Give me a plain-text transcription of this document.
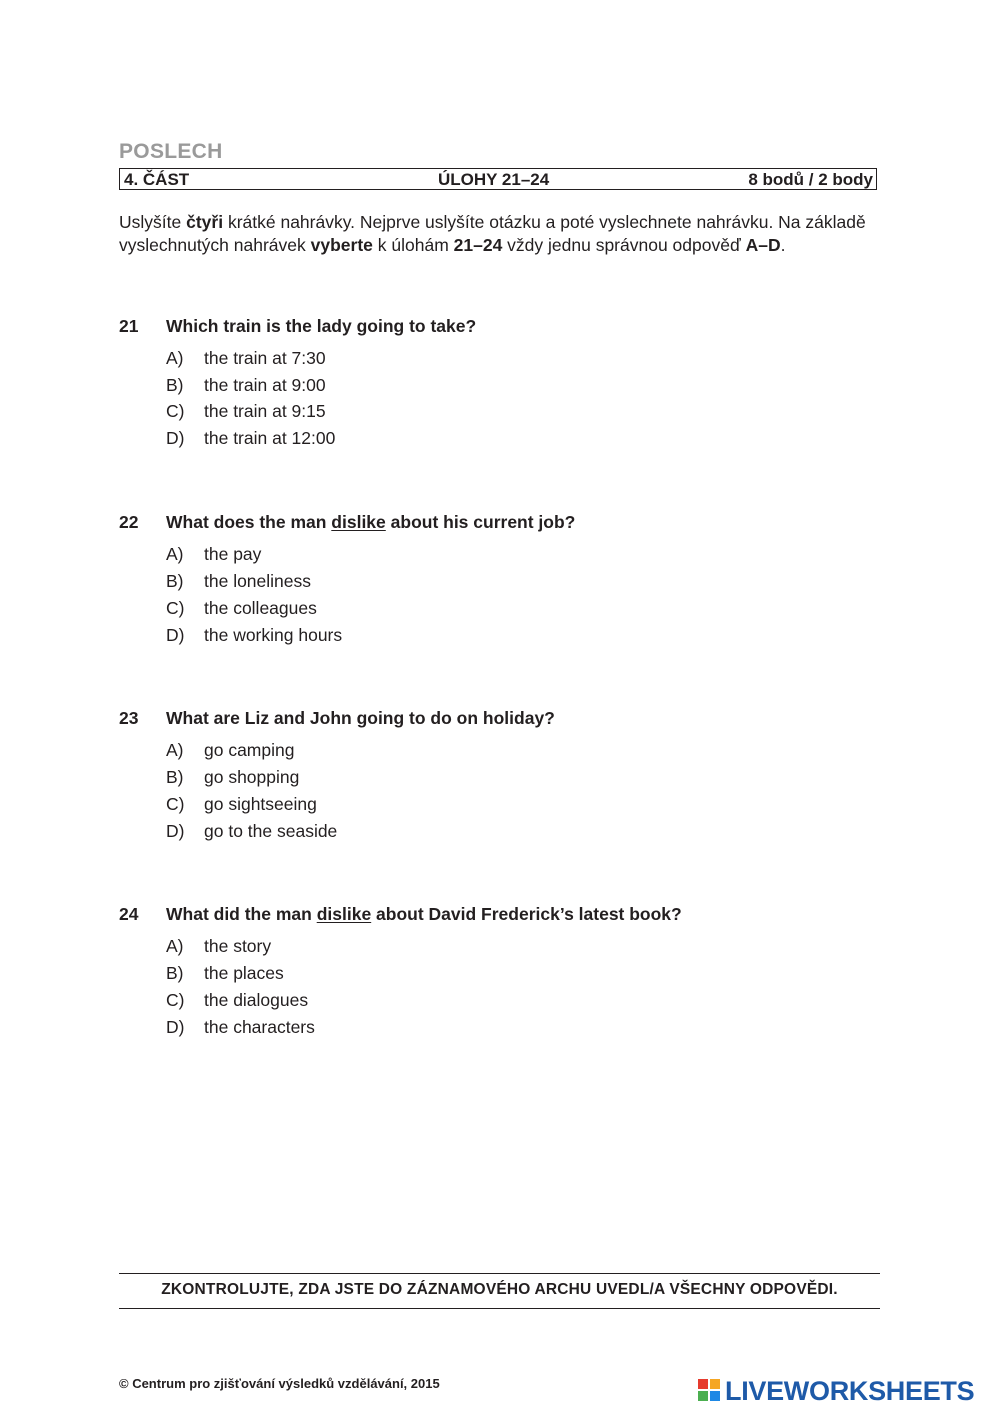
POSLECH
4. ČÁST	ÚLOHY 21–24	8 bodů / 2 body
Uslyšíte čtyři krátké nahrávky. Nejprve uslyšíte otázku a poté vyslechnete nahrávku. Na základě vyslechnutých nahrávek vyberte k úlohám 21–24 vždy jednu správnou odpověď A–D.
21 Which train is the lady going to take?
A) the train at 7:30
B) the train at 9:00
C) the train at 9:15
D) the train at 12:00
22 What does the man dislike about his current job?
A) the pay
B) the loneliness
C) the colleagues
D) the working hours
23 What are Liz and John going to do on holiday?
A) go camping
B) go shopping
C) go sightseeing
D) go to the seaside
24 What did the man dislike about David Frederick’s latest book?
A) the story
B) the places
C) the dialogues
D) the characters
ZKONTROLUJTE, ZDA JSTE DO ZÁZNAMOVÉHO ARCHU UVEDL/A VŠECHNY ODPOVĚDI.
© Centrum pro zjišťování výsledků vzdělávání, 2015	LIVEWORKSHEETS
